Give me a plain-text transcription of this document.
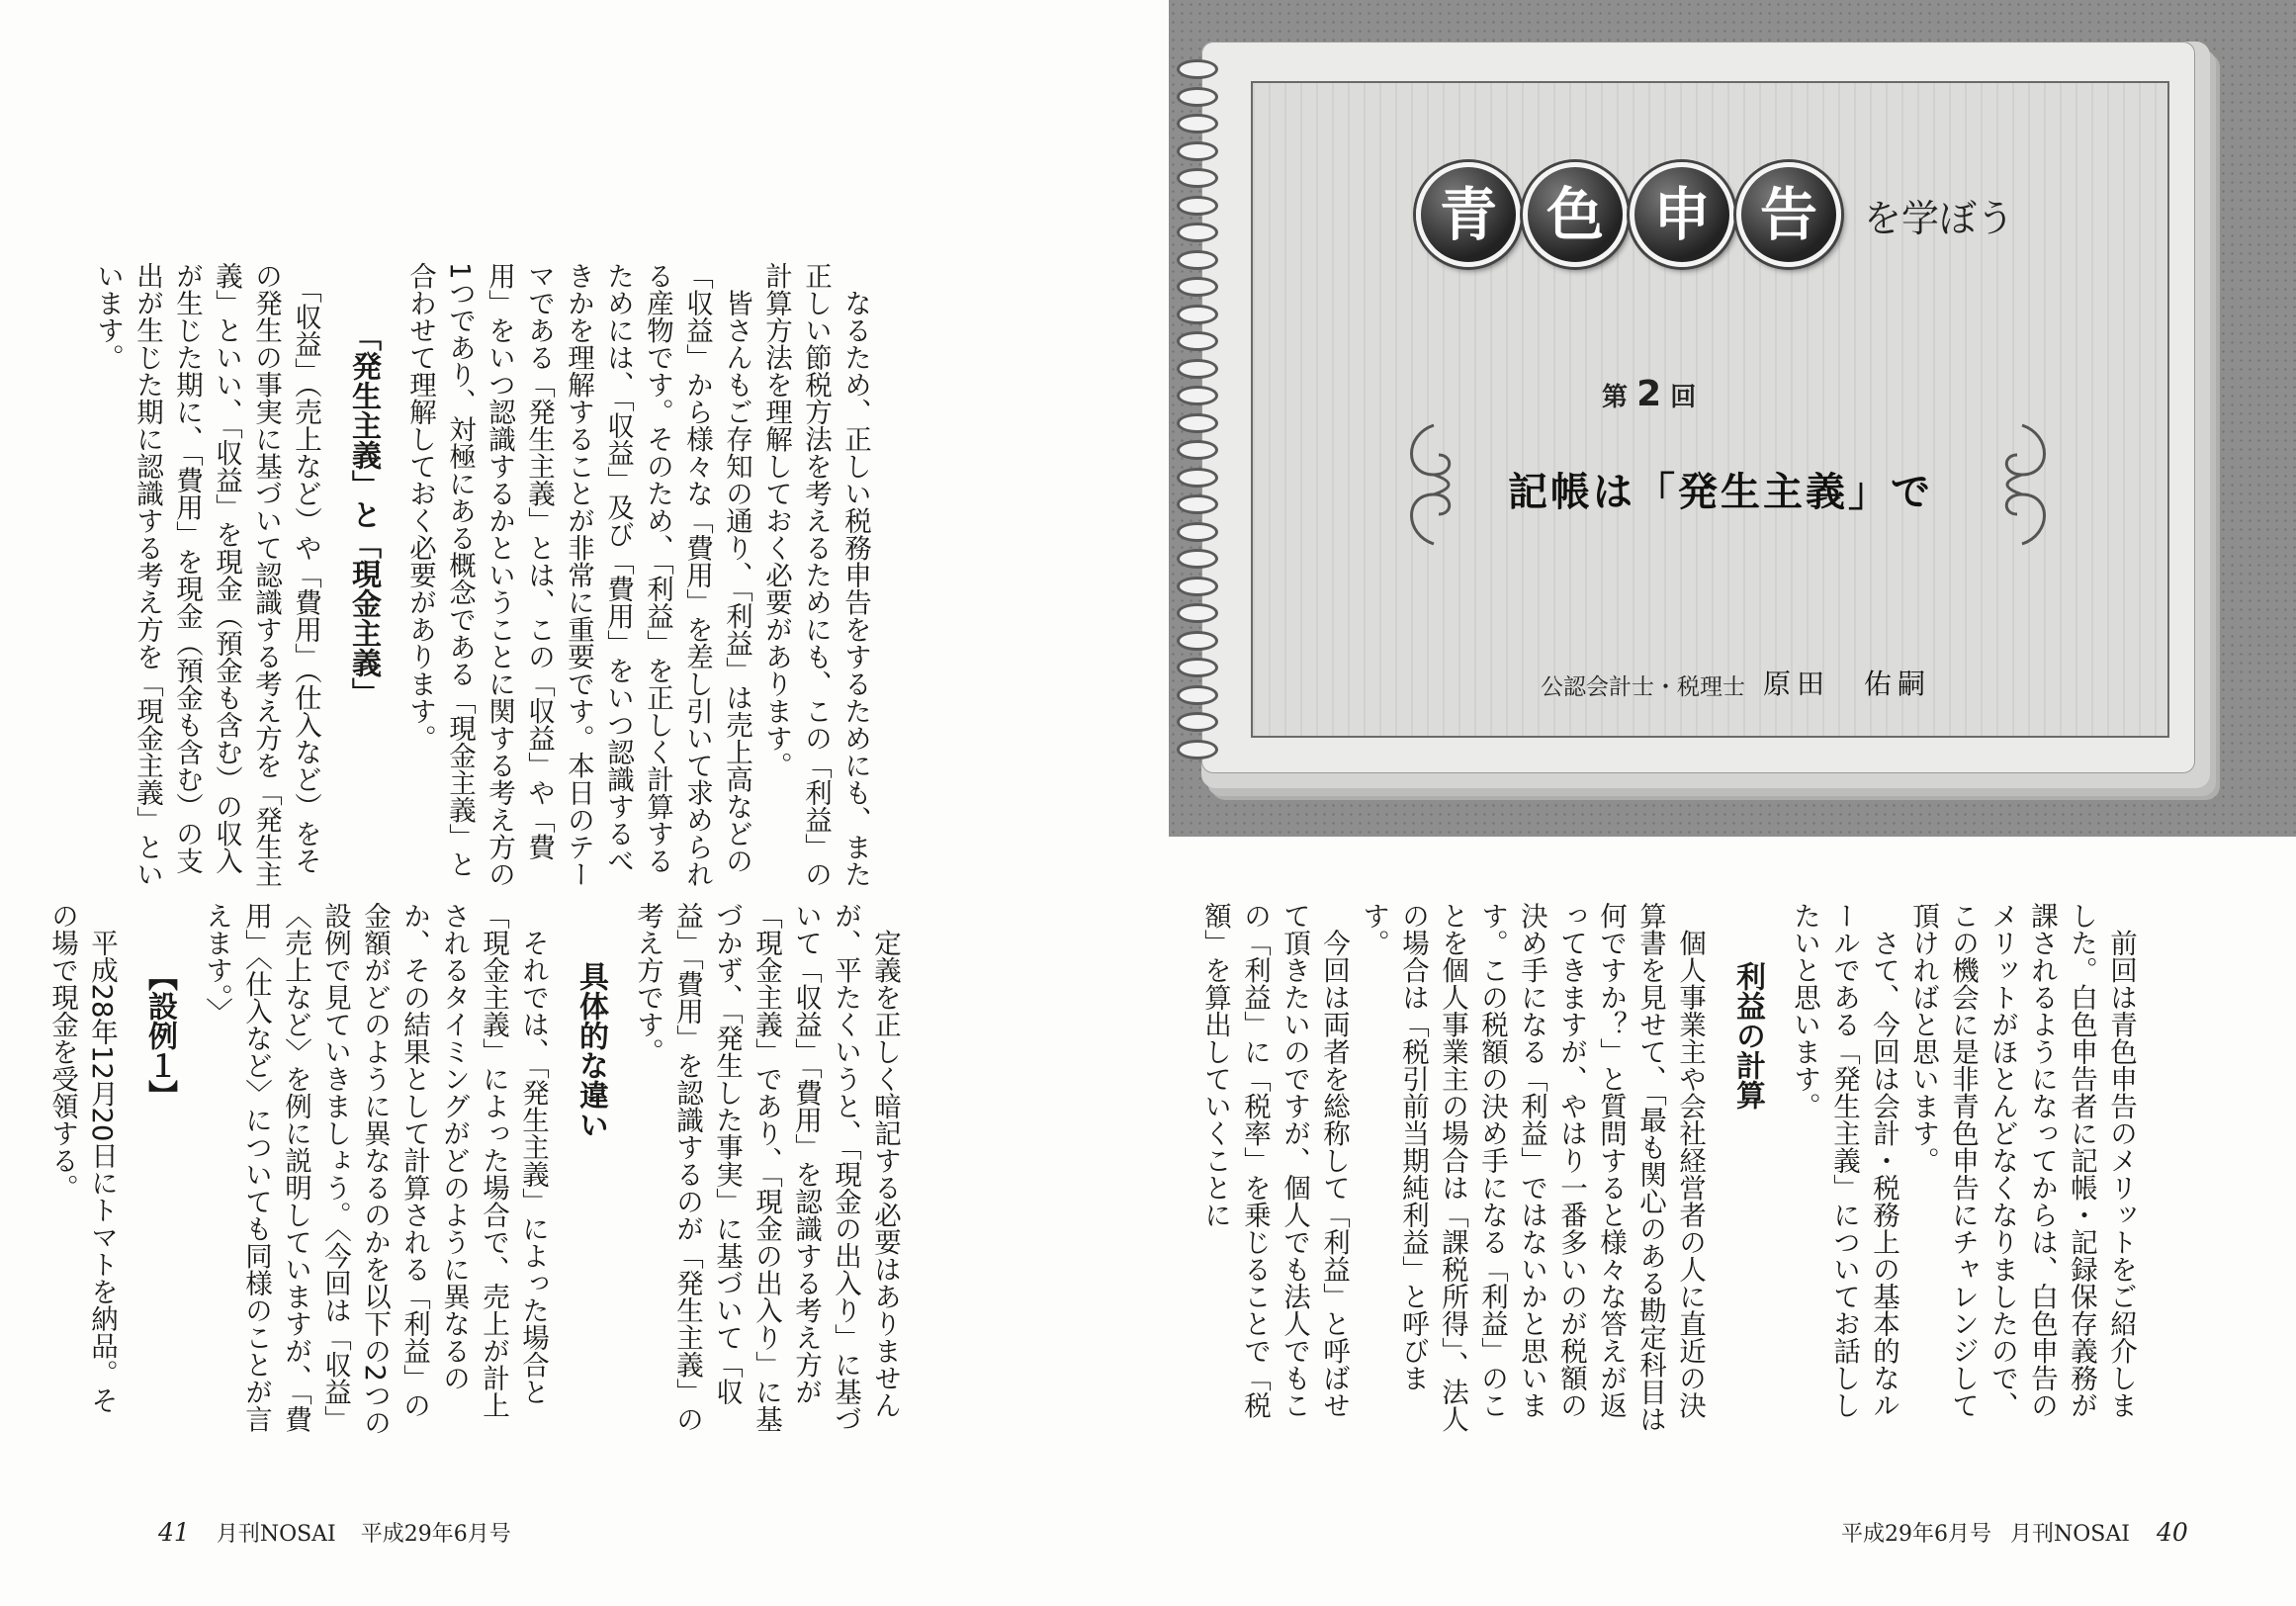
　なるため、正しい税務申告をするためにも、また正しい節税方法を考えるためにも、この「利益」の計算方法を理解しておく必要があります。
　皆さんもご存知の通り、「利益」は売上高などの「収益」から様々な「費用」を差し引いて求められる産物です。そのため、「利益」を正しく計算するためには、「収益」及び「費用」をいつ認識するべきかを理解することが非常に重要です。本日のテーマである「発生主義」とは、この「収益」や「費用」をいつ認識するかということに関する考え方の1つであり、対極にある概念である「現金主義」と合わせて理解しておく必要があります。
「発生主義」と「現金主義」
　「収益」（売上など）や「費用」（仕入など）をその発生の事実に基づいて認識する考え方を「発生主義」といい、「収益」を現金（預金も含む）の収入が生じた期に、「費用」を現金（預金も含む）の支出が生じた期に認識する考え方を「現金主義」といいます。
　定義を正しく暗記する必要はありませんが、平たくいうと、「現金の出入り」に基づいて「収益」「費用」を認識する考え方が「現金主義」であり、「現金の出入り」に基づかず、「発生した事実」に基づいて「収益」「費用」を認識するのが「発生主義」の考え方です。
具体的な違い
　それでは、「発生主義」によった場合と「現金主義」によった場合で、売上が計上されるタイミングがどのように異なるのか、その結果として計算される「利益」の金額がどのように異なるのかを以下の2つの設例で見ていきましょう。〈今回は「収益」〈売上など〉を例に説明していますが、「費用」〈仕入など〉についても同様のことが言えます。〉
【設例１】
　平成28年12月20日にトマトを納品。その場で現金を受領する。
41 月刊NOSAI 平成29年6月号
青 色 申 告	を学ぼう
第 2 回
記帳は「発生主義」で
公認会計士・税理士 原田　佑嗣
　前回は青色申告のメリットをご紹介しました。白色申告者に記帳・記録保存義務が課されるようになってからは、白色申告のメリットがほとんどなくなりましたので、この機会に是非青色申告にチャレンジして頂ければと思います。
　さて、今回は会計・税務上の基本的なルールである「発生主義」についてお話ししたいと思います。
利益の計算
　個人事業主や会社経営者の人に直近の決算書を見せて、「最も関心のある勘定科目は何ですか？」と質問すると様々な答えが返ってきますが、やはり一番多いのが税額の決め手になる「利益」ではないかと思います。この税額の決め手になる「利益」のことを個人事業主の場合は「課税所得」、法人の場合は「税引前当期純利益」と呼びます。
　今回は両者を総称して「利益」と呼ばせて頂きたいのですが、個人でも法人でもこの「利益」に「税率」を乗じることで「税額」を算出していくことに
平成29年6月号 月刊NOSAI 40
